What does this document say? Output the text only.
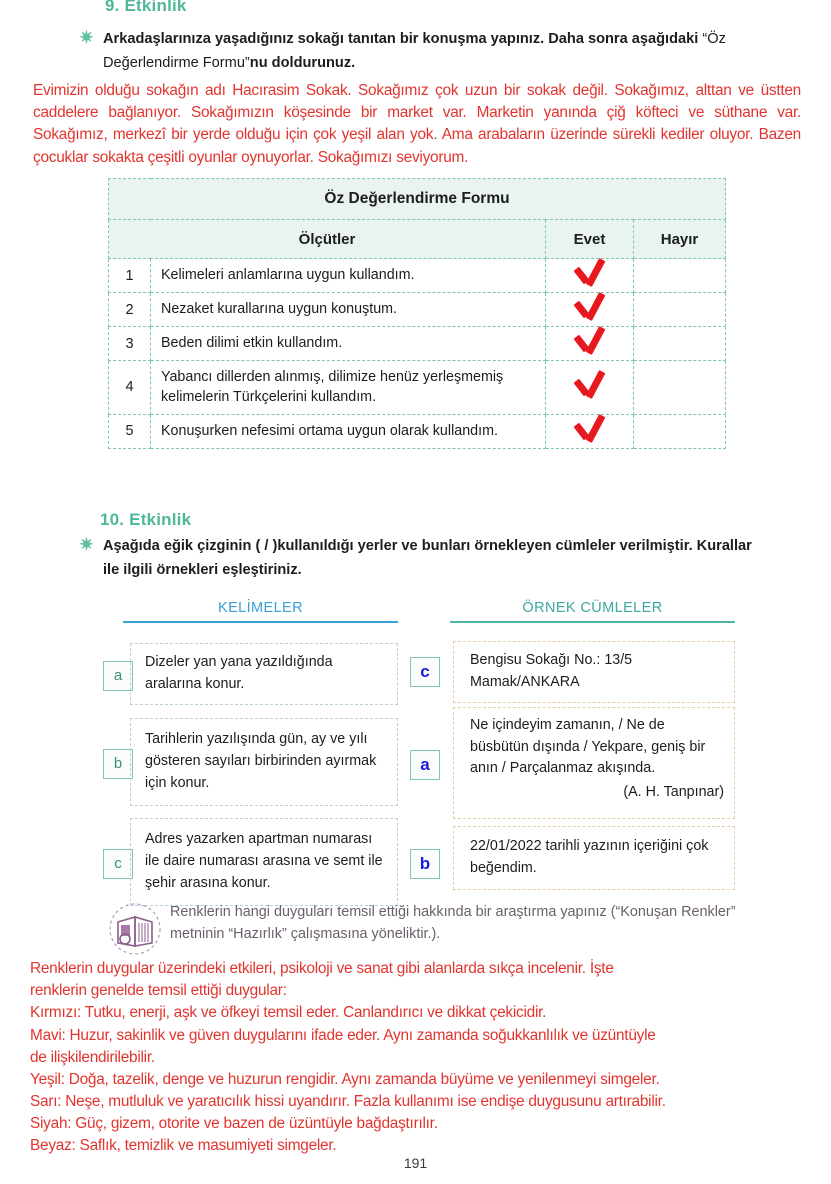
9. Etkinlik
✷ Arkadaşlarınıza yaşadığınız sokağı tanıtan bir konuşma yapınız. Daha sonra aşağıdaki “Öz Değerlendirme Formu”nu doldurunuz.
Evimizin olduğu sokağın adı Hacırasim Sokak. Sokağımız çok uzun bir sokak değil. Sokağımız, alttan ve üstten caddelere bağlanıyor. Sokağımızın köşesinde bir market var. Marketin yanında çiğ köfteci ve süthane var. Sokağımız, merkezî bir yerde olduğu için çok yeşil alan yok. Ama arabaların üzerinde sürekli kediler oluyor. Bazen çocuklar sokakta çeşitli oyunlar oynuyorlar. Sokağımızı seviyorum.
Öz Değerlendirme Formu			
Ölçütler		Evet	Hayır
1	Kelimeleri anlamlarına uygun kullandım.		
2	Nezaket kurallarına uygun konuştum.		
3	Beden dilimi etkin kullandım.		
4	Yabancı dillerden alınmış, dilimize henüz yerleşmemiş kelimelerin Türkçelerini kullandım.		
5	Konuşurken nefesimi ortama uygun olarak kullandım.		
10. Etkinlik
✷ Aşağıda eğik çizginin ( / )kullanıldığı yerler ve bunları örnekleyen cümleler verilmiştir. Kurallar ile ilgili örnekleri eşleştiriniz.
KELİMELER	ÖRNEK CÜMLELER
a
Dizeler yan yana yazıldığında aralarına konur.
b
Tarihlerin yazılışında gün, ay ve yılı gösteren sayıları birbirinden ayırmak için konur.
c
Adres yazarken apartman numarası ile daire numarası arasına ve semt ile şehir arasına konur.
c
Bengisu Sokağı No.: 13/5 Mamak/ANKARA
a
Ne içindeyim zamanın, / Ne de büsbütün dışında / Yekpare, geniş bir anın / Parçalanmaz akışında.
(A. H. Tanpınar)
b
22/01/2022 tarihli yazının içeriğini çok beğendim.
Renklerin hangi duyguları temsil ettiği hakkında bir araştırma yapınız (“Konuşan Renkler” metninin “Hazırlık” çalışmasına yöneliktir.).
Renklerin duygular üzerindeki etkileri, psikoloji ve sanat gibi alanlarda sıkça incelenir. İşte
renklerin genelde temsil ettiği duygular:
Kırmızı: Tutku, enerji, aşk ve öfkeyi temsil eder. Canlandırıcı ve dikkat çekicidir.
Mavi: Huzur, sakinlik ve güven duygularını ifade eder. Aynı zamanda soğukkanlılık ve üzüntüyle
de ilişkilendirilebilir.
Yeşil: Doğa, tazelik, denge ve huzurun rengidir. Aynı zamanda büyüme ve yenilenmeyi simgeler.
Sarı: Neşe, mutluluk ve yaratıcılık hissi uyandırır. Fazla kullanımı ise endişe duygusunu artırabilir.
Siyah: Güç, gizem, otorite ve bazen de üzüntüyle bağdaştırılır.
Beyaz: Saflık, temizlik ve masumiyeti simgeler.
191
